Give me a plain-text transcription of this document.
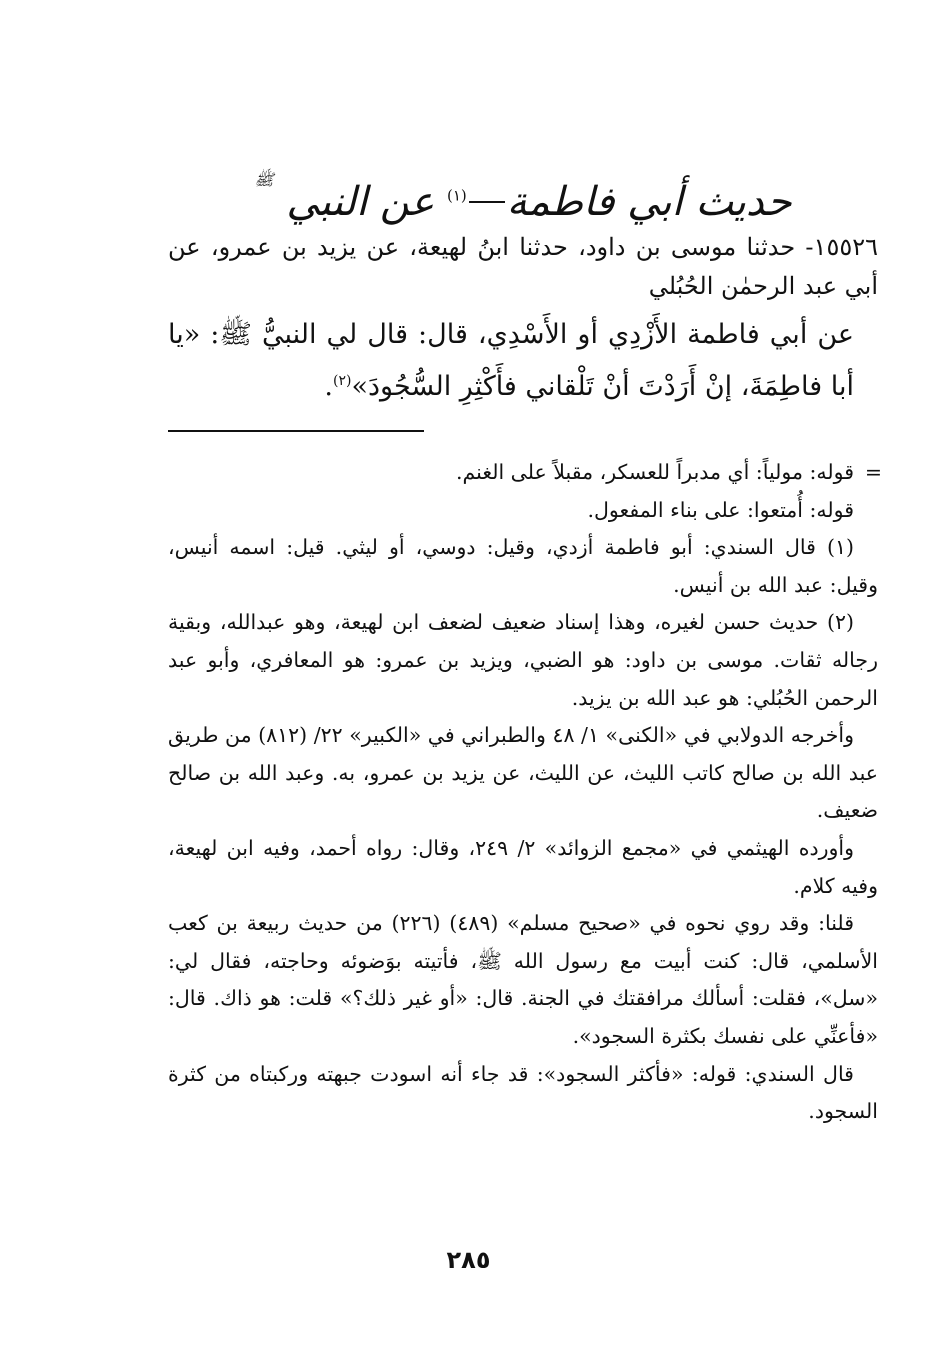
حديث أبي فاطمة$^{(١)}$ عن النبي $^ﷺ$
١٥٥٢٦- حدثنا موسى بن داود، حدثنا ابنُ لهيعة، عن يزيد بن عمرو، عن أبي عبد الرحمٰن الحُبُلي
عن أبي فاطمة الأَزْدِي أو الأَسْدِي، قال: قال لي النبيُّ ﷺ: «يا أبا فاطِمَةَ، إنْ أَرَدْتَ أنْ تَلْقاني فأَكْثِرِ السُّجُودَ»$^{(٢)}$.

=
قوله: مولياً: أي مدبراً للعسكر، مقبلاً على الغنم.

قوله: أُمتعوا: على بناء المفعول.

(١) قال السندي: أبو فاطمة أزدي، وقيل: دوسي، أو ليثي. قيل: اسمه أنيس، وقيل: عبد الله بن أنيس.

(٢) حديث حسن لغيره، وهذا إسناد ضعيف لضعف ابن لهيعة، وهو عبدالله، وبقية رجاله ثقات. موسى بن داود: هو الضبي، ويزيد بن عمرو: هو المعافري، وأبو عبد الرحمن الحُبُلي: هو عبد الله بن يزيد.

وأخرجه الدولابي في «الكنى» ١/ ٤٨ والطبراني في «الكبير» ٢٢/ (٨١٢) من طريق عبد الله بن صالح كاتب الليث، عن الليث، عن يزيد بن عمرو، به. وعبد الله بن صالح ضعيف.

وأورده الهيثمي في «مجمع الزوائد» ٢/ ٢٤٩، وقال: رواه أحمد، وفيه ابن لهيعة، وفيه كلام.

قلنا: وقد روي نحوه في «صحيح مسلم» (٤٨٩) (٢٢٦) من حديث ربيعة بن كعب الأسلمي، قال: كنت أبيت مع رسول الله ﷺ، فأتيته بوَضوئه وحاجته، فقال لي: «سل»، فقلت: أسألك مرافقتك في الجنة. قال: «أو غير ذلك؟» قلت: هو ذاك. قال: «فأعنِّي على نفسك بكثرة السجود».

قال السندي: قوله: «فأكثر السجود»: قد جاء أنه اسودت جبهته وركبتاه من كثرة السجود.

٢٨٥
